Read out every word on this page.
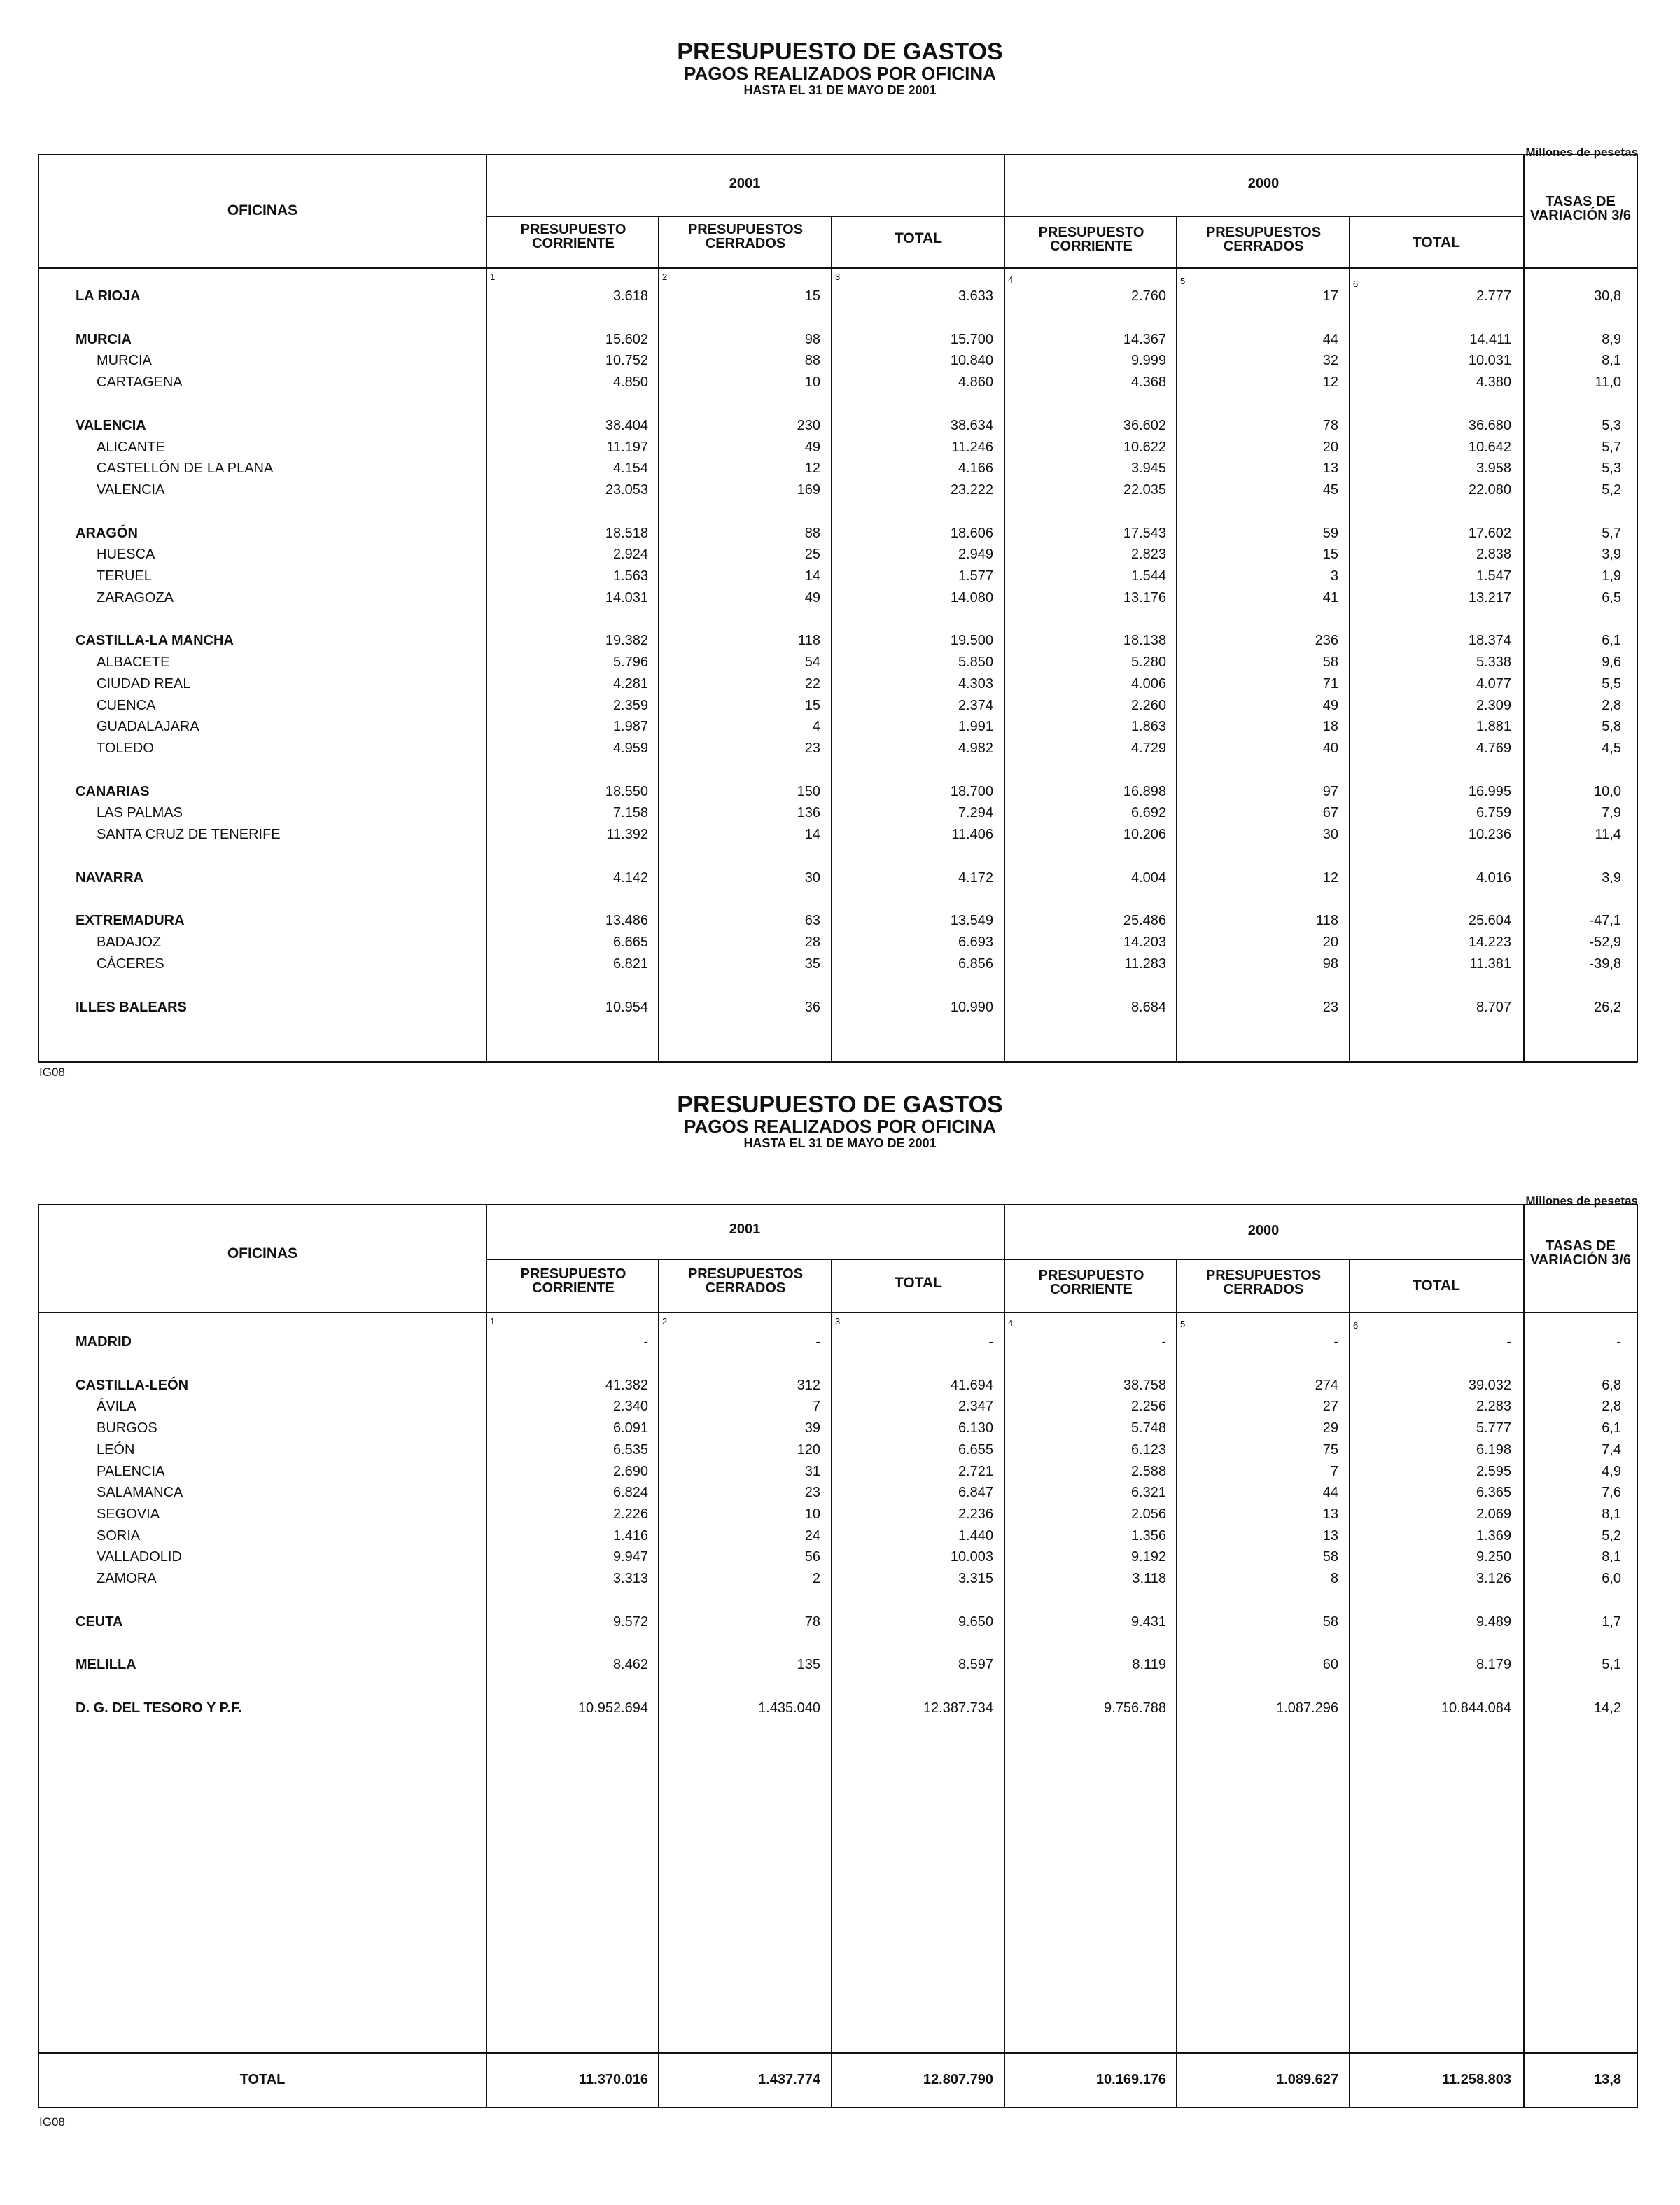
PRESUPUESTO DE GASTOS
PAGOS REALIZADOS POR OFICINA
HASTA EL 31 DE MAYO DE 2001
Millones de pesetas
OFICINAS
2001	2000
TASAS DE VARIACIÓN 3/6
PRESUPUESTO CORRIENTE
PRESUPUESTOS CERRADOS	TOTAL	PRESUPUESTO CORRIENTE
PRESUPUESTOS CERRADOS	TOTAL
1	2	3	4	5	6
LA RIOJA	3.618	15	3.633	2.760	17	2.777	30,8
MURCIA	15.602	98	15.700	14.367	44	14.411	8,9
MURCIA	10.752	88	10.840	9.999	32	10.031	8,1
CARTAGENA	4.850	10	4.860	4.368	12	4.380	11,0
VALENCIA	38.404	230	38.634	36.602	78	36.680	5,3
ALICANTE	11.197	49	11.246	10.622	20	10.642	5,7
CASTELLÓN DE LA PLANA	4.154	12	4.166	3.945	13	3.958	5,3
VALENCIA	23.053	169	23.222	22.035	45	22.080	5,2
ARAGÓN	18.518	88	18.606	17.543	59	17.602	5,7
HUESCA	2.924	25	2.949	2.823	15	2.838	3,9
TERUEL	1.563	14	1.577	1.544	3	1.547	1,9
ZARAGOZA	14.031	49	14.080	13.176	41	13.217	6,5
CASTILLA-LA MANCHA	19.382	118	19.500	18.138	236	18.374	6,1
ALBACETE	5.796	54	5.850	5.280	58	5.338	9,6
CIUDAD REAL	4.281	22	4.303	4.006	71	4.077	5,5
CUENCA	2.359	15	2.374	2.260	49	2.309	2,8
GUADALAJARA	1.987	4	1.991	1.863	18	1.881	5,8
TOLEDO	4.959	23	4.982	4.729	40	4.769	4,5
CANARIAS	18.550	150	18.700	16.898	97	16.995	10,0
LAS PALMAS	7.158	136	7.294	6.692	67	6.759	7,9
SANTA CRUZ DE TENERIFE	11.392	14	11.406	10.206	30	10.236	11,4
NAVARRA	4.142	30	4.172	4.004	12	4.016	3,9
EXTREMADURA	13.486	63	13.549	25.486	118	25.604	-47,1
BADAJOZ	6.665	28	6.693	14.203	20	14.223	-52,9
CÁCERES	6.821	35	6.856	11.283	98	11.381	-39,8
ILLES BALEARS	10.954	36	10.990	8.684	23	8.707	26,2
IG08
PRESUPUESTO DE GASTOS
PAGOS REALIZADOS POR OFICINA
HASTA EL 31 DE MAYO DE 2001
Millones de pesetas
OFICINAS
2001	2000
TASAS DE VARIACIÓN 3/6
PRESUPUESTO CORRIENTE
PRESUPUESTOS CERRADOS	TOTAL	PRESUPUESTO CORRIENTE
PRESUPUESTOS CERRADOS	TOTAL
1	2	3	4	5	6
MADRID	-	-	-	-	-	-	-
CASTILLA-LEÓN	41.382	312	41.694	38.758	274	39.032	6,8
ÁVILA	2.340	7	2.347	2.256	27	2.283	2,8
BURGOS	6.091	39	6.130	5.748	29	5.777	6,1
LEÓN	6.535	120	6.655	6.123	75	6.198	7,4
PALENCIA	2.690	31	2.721	2.588	7	2.595	4,9
SALAMANCA	6.824	23	6.847	6.321	44	6.365	7,6
SEGOVIA	2.226	10	2.236	2.056	13	2.069	8,1
SORIA	1.416	24	1.440	1.356	13	1.369	5,2
VALLADOLID	9.947	56	10.003	9.192	58	9.250	8,1
ZAMORA	3.313	2	3.315	3.118	8	3.126	6,0
CEUTA	9.572	78	9.650	9.431	58	9.489	1,7
MELILLA	8.462	135	8.597	8.119	60	8.179	5,1
D. G. DEL TESORO Y P.F.	10.952.694	1.435.040	12.387.734	9.756.788	1.087.296	10.844.084	14,2
TOTAL	11.370.016	1.437.774	12.807.790	10.169.176	1.089.627	11.258.803	13,8
IG08
